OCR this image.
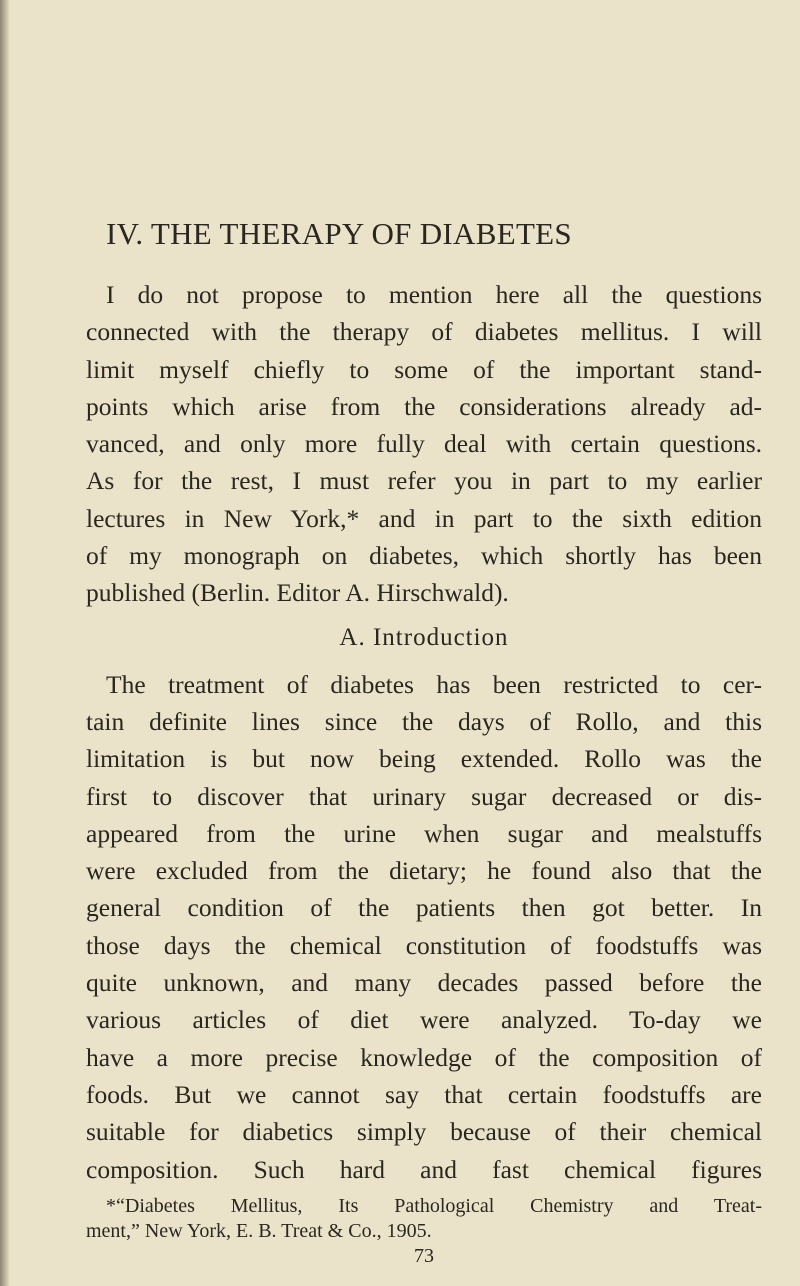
IV. THE THERAPY OF DIABETES

I do not propose to mention here all the questions
connected with the therapy of diabetes mellitus. I will
limit myself chiefly to some of the important stand-
points which arise from the considerations already ad-
vanced, and only more fully deal with certain questions.
As for the rest, I must refer you in part to my earlier
lectures in New York,* and in part to the sixth edition
of my monograph on diabetes, which shortly has been
published (Berlin. Editor A. Hirschwald).

A. Introduction

The treatment of diabetes has been restricted to cer-
tain definite lines since the days of Rollo, and this
limitation is but now being extended. Rollo was the
first to discover that urinary sugar decreased or dis-
appeared from the urine when sugar and mealstuffs
were excluded from the dietary; he found also that the
general condition of the patients then got better. In
those days the chemical constitution of foodstuffs was
quite unknown, and many decades passed before the
various articles of diet were analyzed. To-day we
have a more precise knowledge of the composition of
foods. But we cannot say that certain foodstuffs are
suitable for diabetics simply because of their chemical
composition. Such hard and fast chemical figures

*“Diabetes Mellitus, Its Pathological Chemistry and Treat-
ment,” New York, E. B. Treat & Co., 1905.
73
